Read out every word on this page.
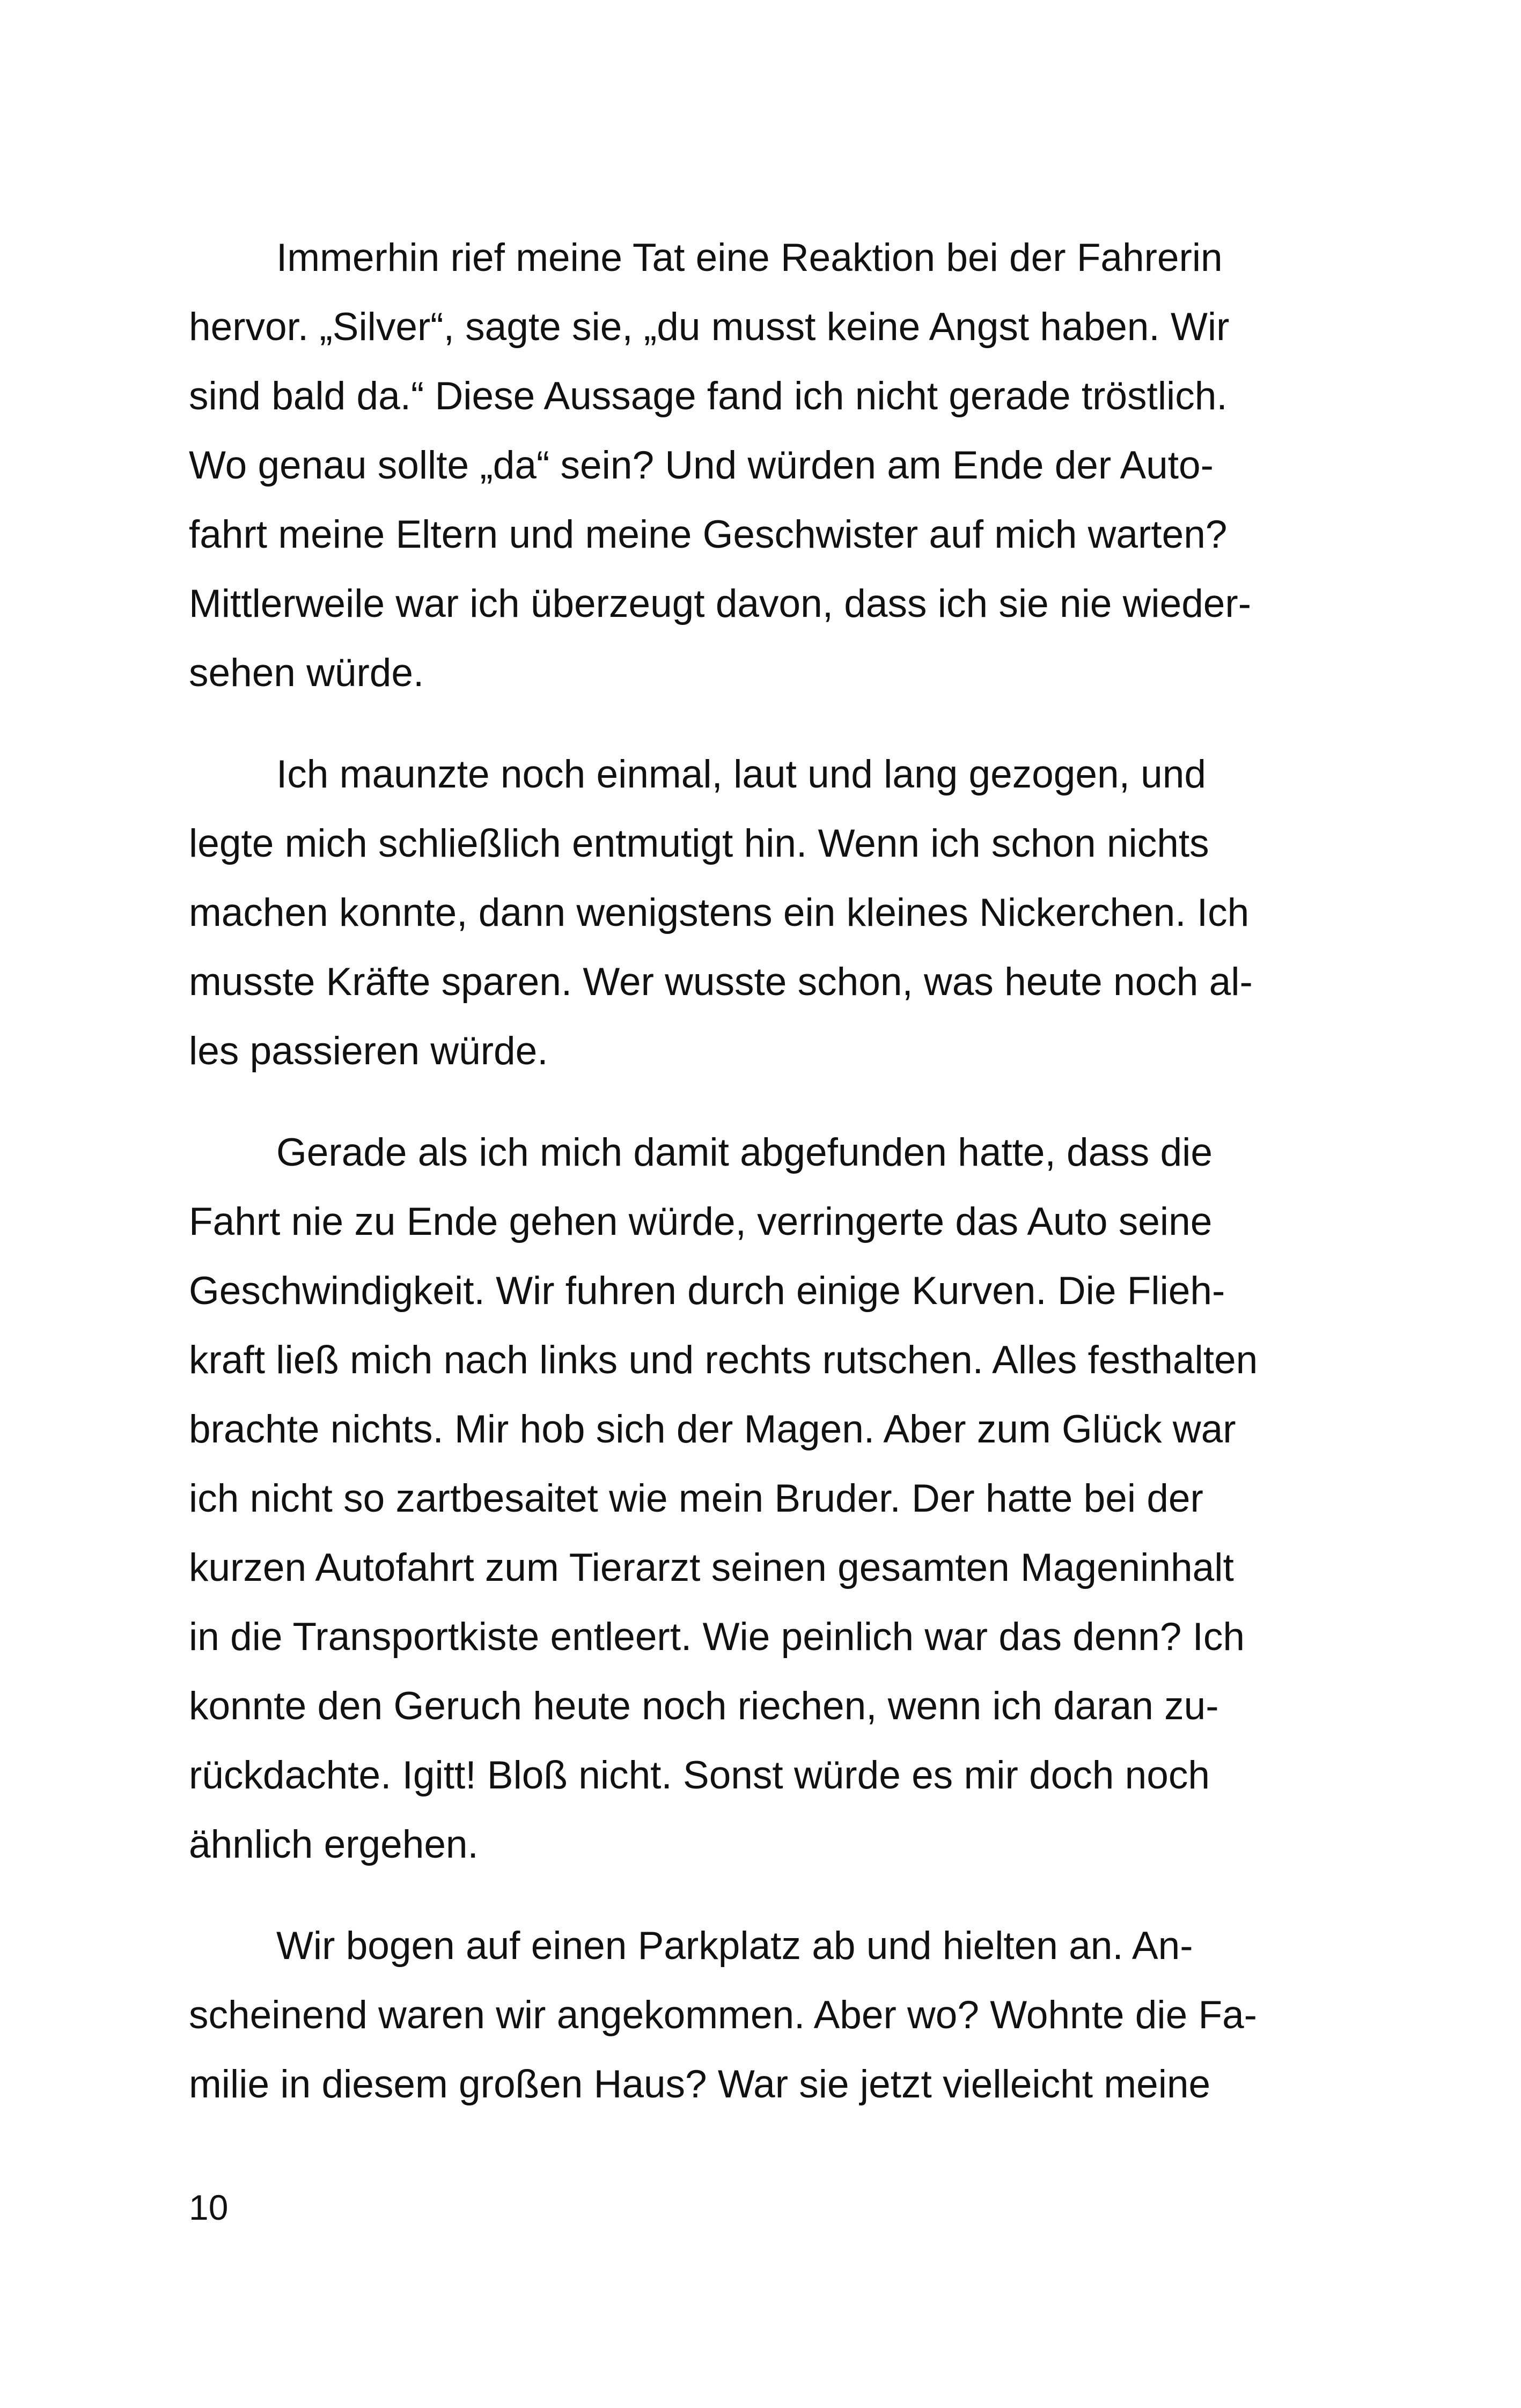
Immerhin rief meine Tat eine Reaktion bei der Fahrerin
hervor. „Silver“, sagte sie, „du musst keine Angst haben. Wir
sind bald da.“ Diese Aussage fand ich nicht gerade tröstlich.
Wo genau sollte „da“ sein? Und würden am Ende der Auto-
fahrt meine Eltern und meine Geschwister auf mich warten?
Mittlerweile war ich überzeugt davon, dass ich sie nie wieder-
sehen würde.
Ich maunzte noch einmal, laut und lang gezogen, und
legte mich schließlich entmutigt hin. Wenn ich schon nichts
machen konnte, dann wenigstens ein kleines Nickerchen. Ich
musste Kräfte sparen. Wer wusste schon, was heute noch al-
les passieren würde.
Gerade als ich mich damit abgefunden hatte, dass die
Fahrt nie zu Ende gehen würde, verringerte das Auto seine
Geschwindigkeit. Wir fuhren durch einige Kurven. Die Flieh-
kraft ließ mich nach links und rechts rutschen. Alles festhalten
brachte nichts. Mir hob sich der Magen. Aber zum Glück war
ich nicht so zartbesaitet wie mein Bruder. Der hatte bei der
kurzen Autofahrt zum Tierarzt seinen gesamten Mageninhalt
in die Transportkiste entleert. Wie peinlich war das denn? Ich
konnte den Geruch heute noch riechen, wenn ich daran zu-
rückdachte. Igitt! Bloß nicht. Sonst würde es mir doch noch
ähnlich ergehen.
Wir bogen auf einen Parkplatz ab und hielten an. An-
scheinend waren wir angekommen. Aber wo? Wohnte die Fa-
milie in diesem großen Haus? War sie jetzt vielleicht meine
10
